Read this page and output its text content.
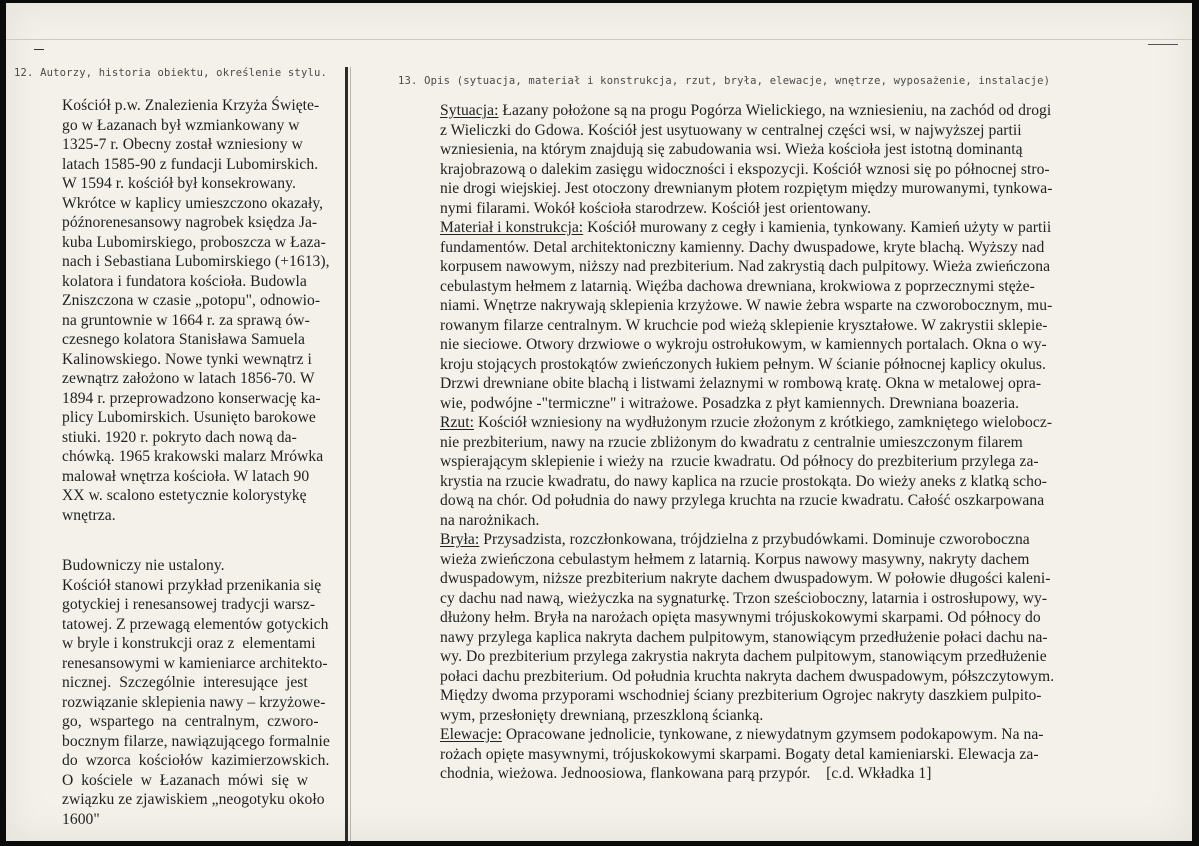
12. Autorzy, historia obiektu, określenie stylu.
13. Opis (sytuacja, materiał i konstrukcja, rzut, bryła, elewacje, wnętrze, wyposażenie, instalacje)
Kościół p.w. Znalezienia Krzyża Święte-
go w Łazanach był wzmiankowany w
1325-7 r. Obecny został wzniesiony w
latach 1585-90 z fundacji Lubomirskich.
W 1594 r. kościół był konsekrowany.
Wkrótce w kaplicy umieszczono okazały,
późnorenesansowy nagrobek księdza Ja-
kuba Lubomirskiego, proboszcza w Łaza-
nach i Sebastiana Lubomirskiego (+1613),
kolatora i fundatora kościoła. Budowla
Zniszczona w czasie „potopu", odnowio-
na gruntownie w 1664 r. za sprawą ów-
czesnego kolatora Stanisława Samuela
Kalinowskiego. Nowe tynki wewnątrz i
zewnątrz założono w latach 1856-70. W
1894 r. przeprowadzono konserwację ka-
plicy Lubomirskich. Usunięto barokowe
stiuki. 1920 r. pokryto dach nową da-
chówką. 1965 krakowski malarz Mrówka
malował wnętrza kościoła. W latach 90
XX w. scalono estetycznie kolorystykę
wnętrza.
Budowniczy nie ustalony.
Kościół stanowi przykład przenikania się
gotyckiej i renesansowej tradycji warsz-
tatowej. Z przewagą elementów gotyckich
w bryle i konstrukcji oraz z  elementami
renesansowymi w kamieniarce architekto-
nicznej.  Szczególnie  interesujące  jest
rozwiązanie sklepienia nawy – krzyżowe-
go,  wspartego  na  centralnym,  czworo-
bocznym filarze, nawiązującego formalnie
do  wzorca  kościołów  kazimierzowskich.
O  kościele  w  Łazanach  mówi  się  w
związku ze zjawiskiem „neogotyku około
1600"
Sytuacja: Łazany położone są na progu Pogórza Wielickiego, na wzniesieniu, na zachód od drogi
z Wieliczki do Gdowa. Kościół jest usytuowany w centralnej części wsi, w najwyższej partii
wzniesienia, na którym znajdują się zabudowania wsi. Wieża kościoła jest istotną dominantą
krajobrazową o dalekim zasięgu widoczności i ekspozycji. Kościół wznosi się po północnej stro-
nie drogi wiejskiej. Jest otoczony drewnianym płotem rozpiętym między murowanymi, tynkowa-
nymi filarami. Wokół kościoła starodrzew. Kościół jest orientowany.
Materiał i konstrukcja: Kościół murowany z cegły i kamienia, tynkowany. Kamień użyty w partii
fundamentów. Detal architektoniczny kamienny. Dachy dwuspadowe, kryte blachą. Wyższy nad
korpusem nawowym, niższy nad prezbiterium. Nad zakrystią dach pulpitowy. Wieża zwieńczona
cebulastym hełmem z latarnią. Więźba dachowa drewniana, krokwiowa z poprzecznymi stęże-
niami. Wnętrze nakrywają sklepienia krzyżowe. W nawie żebra wsparte na czworobocznym, mu-
rowanym filarze centralnym. W kruchcie pod wieżą sklepienie kryształowe. W zakrystii sklepie-
nie sieciowe. Otwory drzwiowe o wykroju ostrołukowym, w kamiennych portalach. Okna o wy-
kroju stojących prostokątów zwieńczonych łukiem pełnym. W ścianie północnej kaplicy okulus.
Drzwi drewniane obite blachą i listwami żelaznymi w rombową kratę. Okna w metalowej opra-
wie, podwójne -"termiczne" i witrażowe. Posadzka z płyt kamiennych. Drewniana boazeria.
Rzut: Kościół wzniesiony na wydłużonym rzucie złożonym z krótkiego, zamkniętego wielobocz-
nie prezbiterium, nawy na rzucie zbliżonym do kwadratu z centralnie umieszczonym filarem
wspierającym sklepienie i wieży na  rzucie kwadratu. Od północy do prezbiterium przylega za-
krystia na rzucie kwadratu, do nawy kaplica na rzucie prostokąta. Do wieży aneks z klatką scho-
dową na chór. Od południa do nawy przylega kruchta na rzucie kwadratu. Całość oszkarpowana
na narożnikach.
Bryła: Przysadzista, rozczłonkowana, trójdzielna z przybudówkami. Dominuje czworoboczna
wieża zwieńczona cebulastym hełmem z latarnią. Korpus nawowy masywny, nakryty dachem
dwuspadowym, niższe prezbiterium nakryte dachem dwuspadowym. W połowie długości kaleni-
cy dachu nad nawą, wieżyczka na sygnaturkę. Trzon sześcioboczny, latarnia i ostrosłupowy, wy-
dłużony hełm. Bryła na narożach opięta masywnymi trójuskokowymi skarpami. Od północy do
nawy przylega kaplica nakryta dachem pulpitowym, stanowiącym przedłużenie połaci dachu na-
wy. Do prezbiterium przylega zakrystia nakryta dachem pulpitowym, stanowiącym przedłużenie
połaci dachu prezbiterium. Od południa kruchta nakryta dachem dwuspadowym, półszczytowym.
Między dwoma przyporami wschodniej ściany prezbiterium Ogrojec nakryty daszkiem pulpito-
wym, przesłonięty drewnianą, przeszkloną ścianką.
Elewacje: Opracowane jednolicie, tynkowane, z niewydatnym gzymsem podokapowym. Na na-
rożach opięte masywnymi, trójuskokowymi skarpami. Bogaty detal kamieniarski. Elewacja za-
chodnia, wieżowa. Jednoosiowa, flankowana parą przypór.    [c.d. Wkładka 1]
